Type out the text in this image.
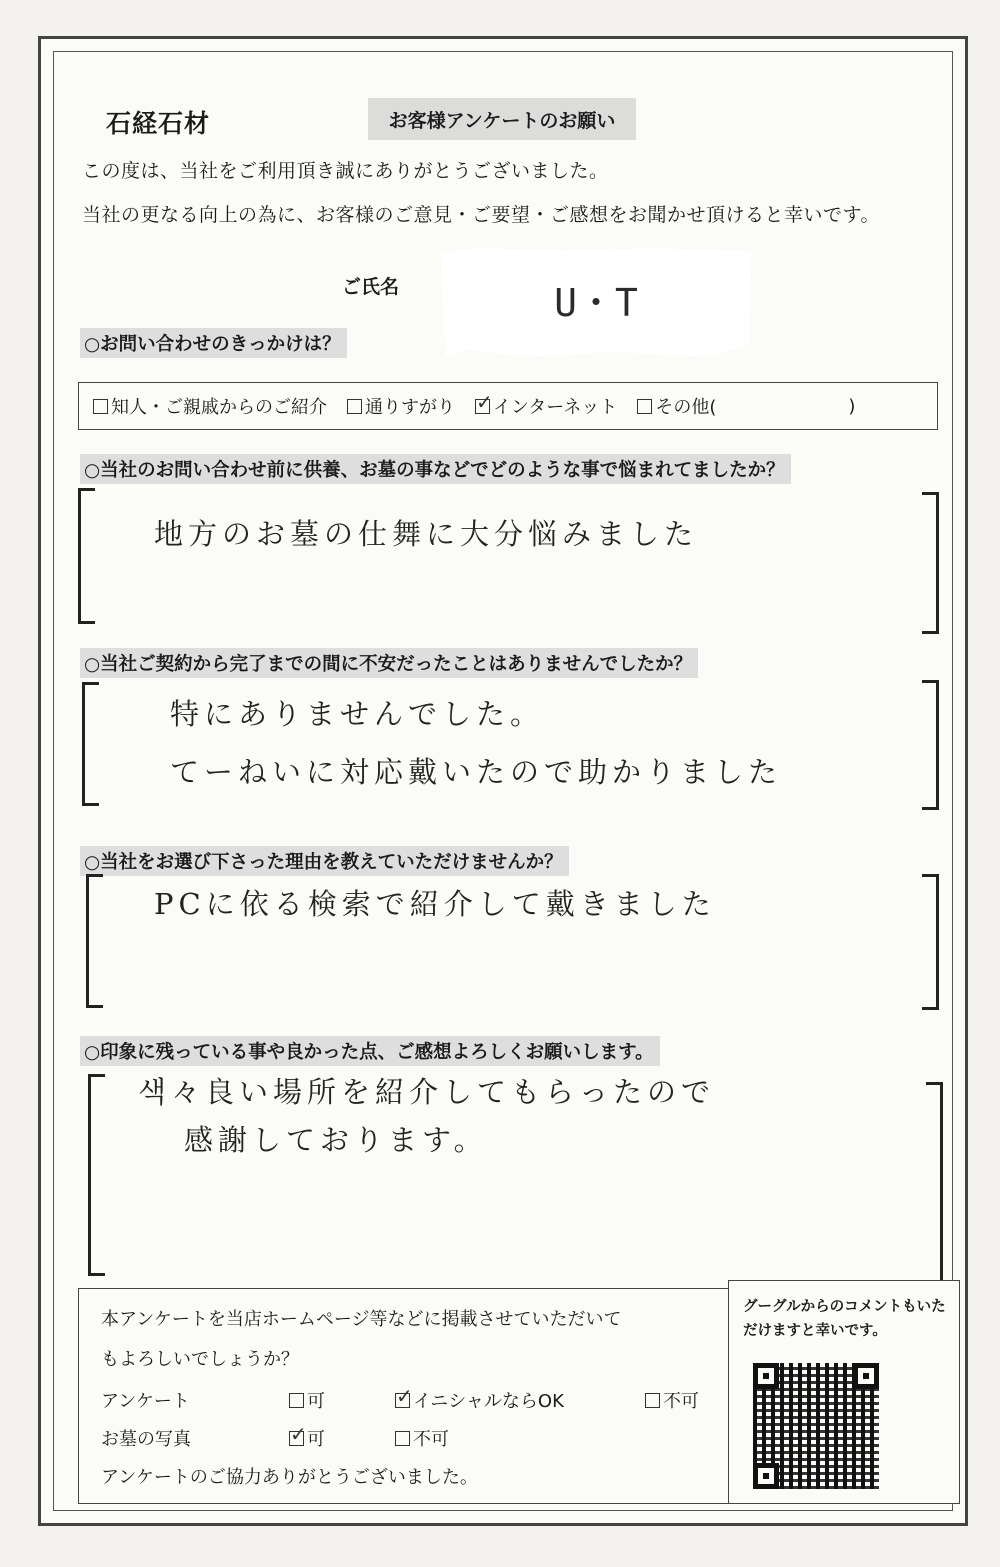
石経石材	お客様アンケートのお願い
この度は、当社をご利用頂き誠にありがとうございました。
当社の更なる向上の為に、お客様のご意見・ご要望・ご感想をお聞かせ頂けると幸いです。
ご氏名	U・T
○お問い合わせのきっかけは？
知人・ご親戚からのご紹介 通りすがり ✓ インターネット その他(	)
○当社のお問い合わせ前に供養、お墓の事などでどのような事で悩まれてましたか？
地方のお墓の仕舞に大分悩みました
○当社ご契約から完了までの間に不安だったことはありませんでしたか？
特にありませんでした。
てーねいに対応戴いたので助かりました
○当社をお選び下さった理由を教えていただけませんか？
PCに依る検索で紹介して戴きました
○印象に残っている事や良かった点、ご感想よろしくお願いします。
색々良い場所を紹介してもらったので
感謝しております。
本アンケートを当店ホームページ等などに掲載させていただいて
もよろしいでしょうか？
アンケート	可 ✓	イニシャルならOK	不可
お墓の写真 ✓	可	不可
アンケートのご協力ありがとうございました。
グーグルからのコメントもいただけますと幸いです。
